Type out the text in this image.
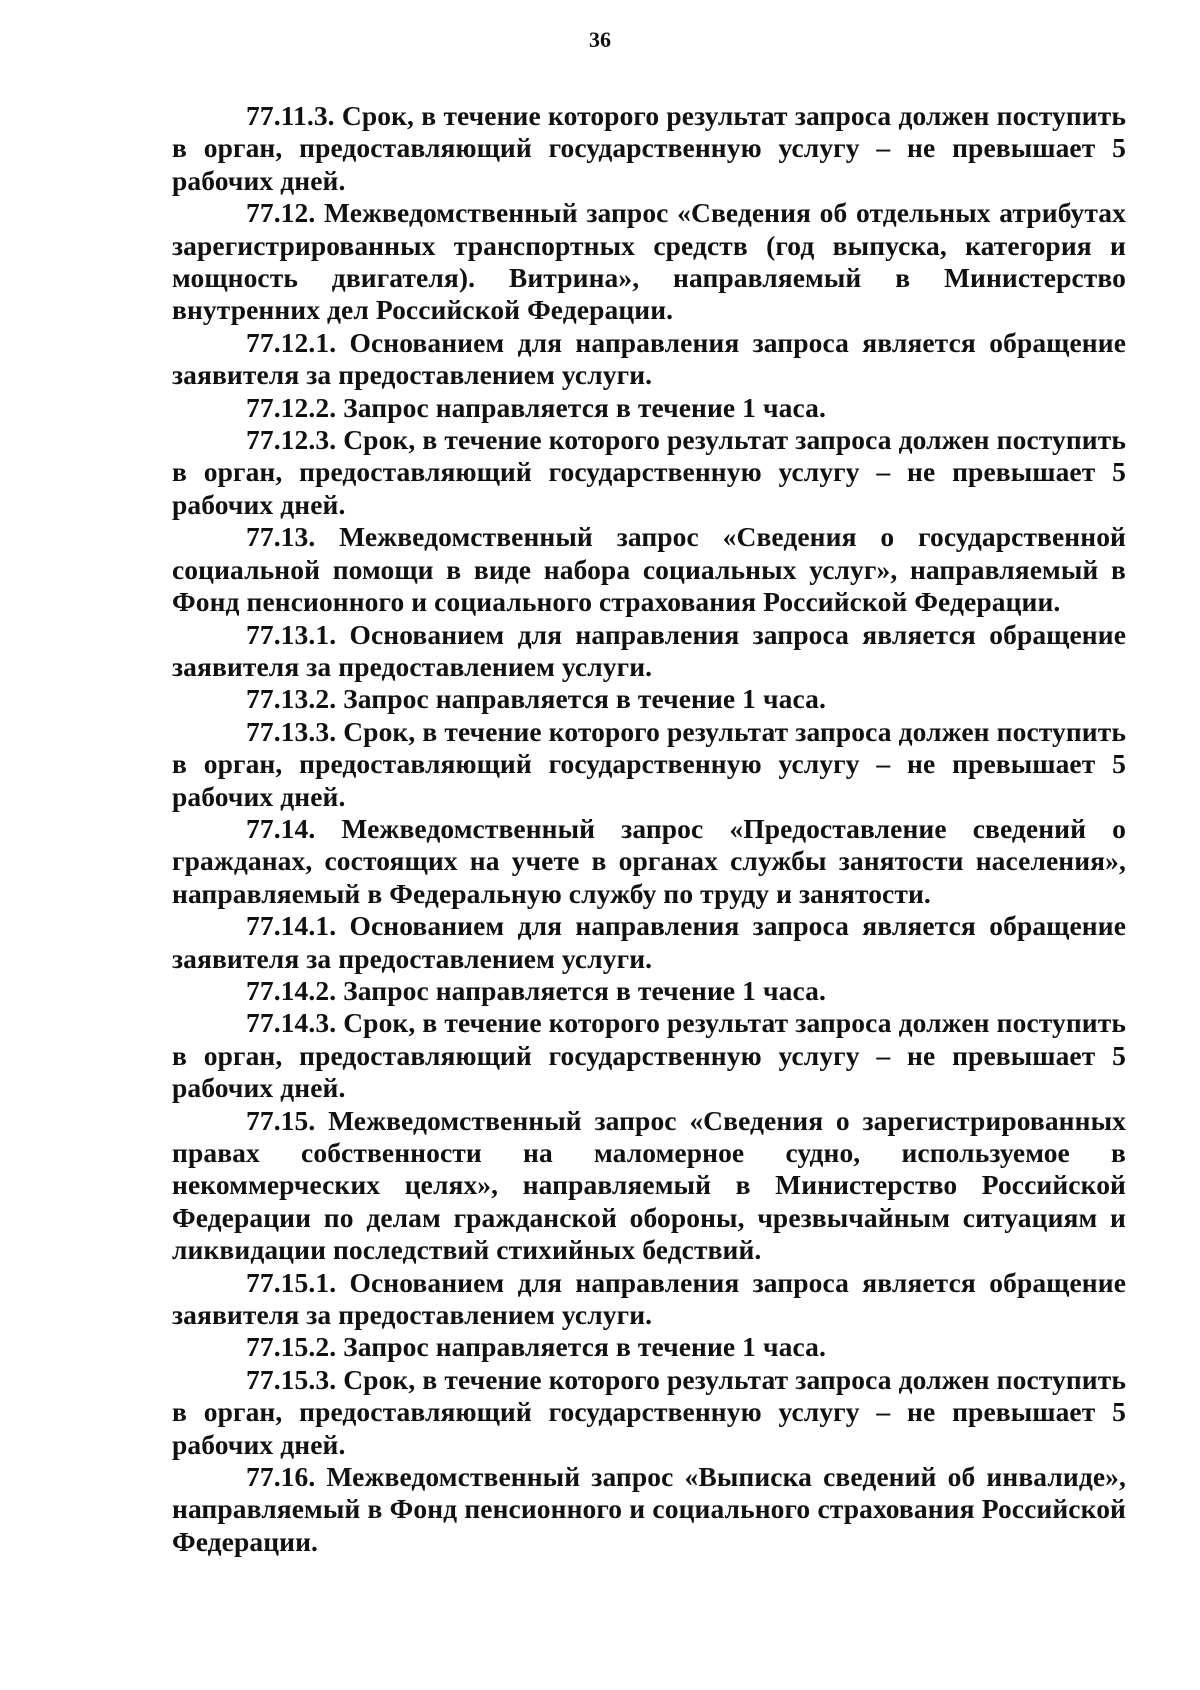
36

77.11.3. Срок, в течение которого результат запроса должен поступить в орган, предоставляющий государственную услугу – не превышает 5 рабочих дней.

77.12. Межведомственный запрос «Сведения об отдельных атрибутах зарегистрированных транспортных средств (год выпуска, категория и мощность двигателя). Витрина», направляемый в Министерство внутренних дел Российской Федерации.

77.12.1. Основанием для направления запроса является обращение заявителя за предоставлением услуги.

77.12.2. Запрос направляется в течение 1 часа.

77.12.3. Срок, в течение которого результат запроса должен поступить в орган, предоставляющий государственную услугу – не превышает 5 рабочих дней.

77.13. Межведомственный запрос «Сведения о государственной социальной помощи в виде набора социальных услуг», направляемый в Фонд пенсионного и социального страхования Российской Федерации.

77.13.1. Основанием для направления запроса является обращение заявителя за предоставлением услуги.

77.13.2. Запрос направляется в течение 1 часа.

77.13.3. Срок, в течение которого результат запроса должен поступить в орган, предоставляющий государственную услугу – не превышает 5 рабочих дней.

77.14. Межведомственный запрос «Предоставление сведений о гражданах, состоящих на учете в органах службы занятости населения», направляемый в Федеральную службу по труду и занятости.

77.14.1. Основанием для направления запроса является обращение заявителя за предоставлением услуги.

77.14.2. Запрос направляется в течение 1 часа.

77.14.3. Срок, в течение которого результат запроса должен поступить в орган, предоставляющий государственную услугу – не превышает 5 рабочих дней.

77.15. Межведомственный запрос «Сведения о зарегистрированных правах собственности на маломерное судно, используемое в некоммерческих целях», направляемый в Министерство Российской Федерации по делам гражданской обороны, чрезвычайным ситуациям и ликвидации последствий стихийных бедствий.

77.15.1. Основанием для направления запроса является обращение заявителя за предоставлением услуги.

77.15.2. Запрос направляется в течение 1 часа.

77.15.3. Срок, в течение которого результат запроса должен поступить в орган, предоставляющий государственную услугу – не превышает 5 рабочих дней.

77.16. Межведомственный запрос «Выписка сведений об инвалиде», направляемый в Фонд пенсионного и социального страхования Российской Федерации.
